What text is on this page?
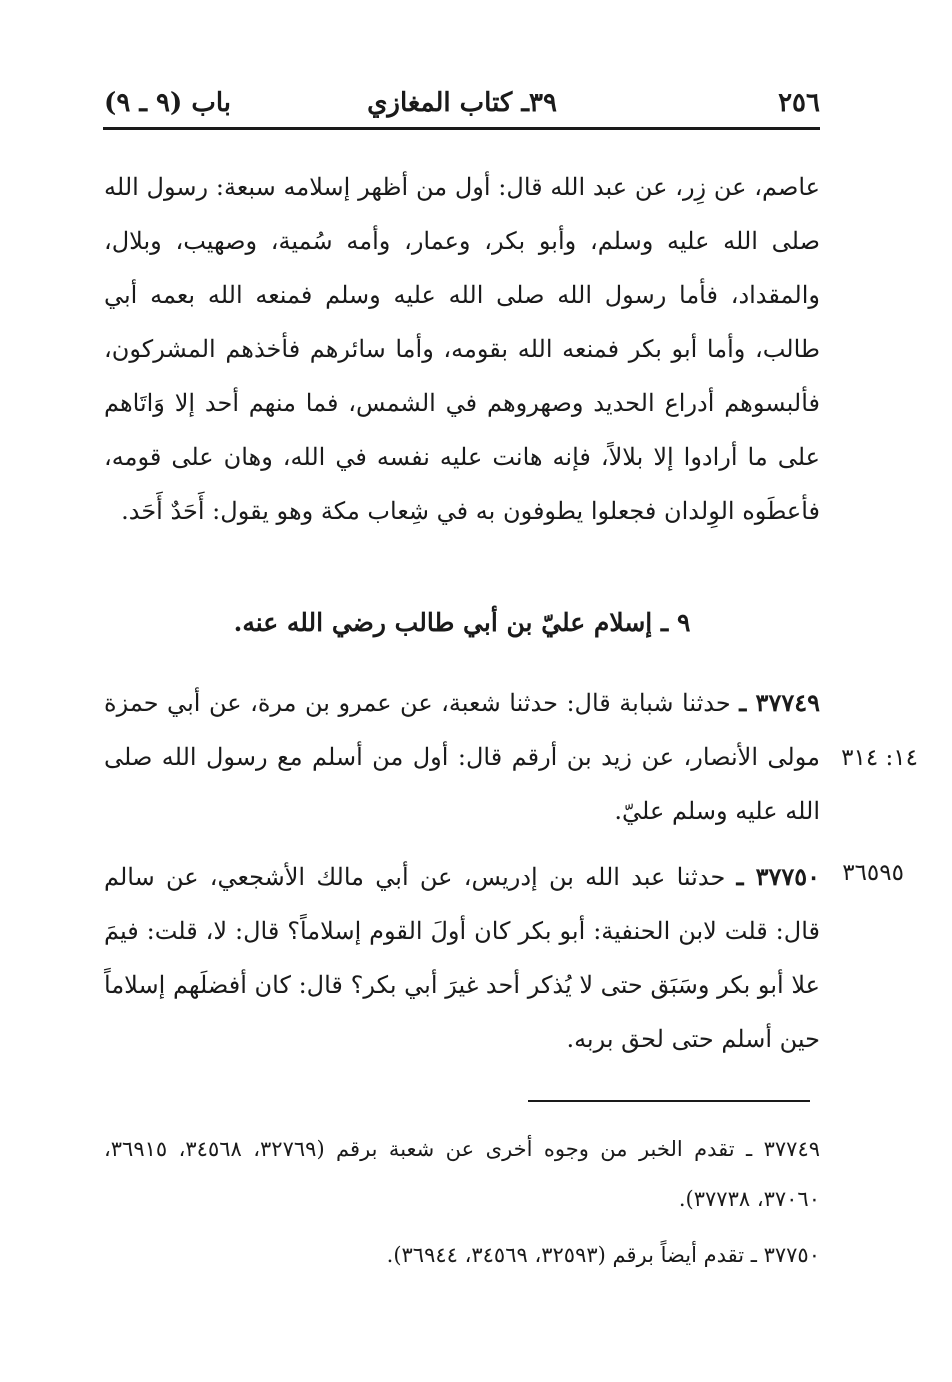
٢٥٦
٣٩ـ كتاب المغازي
باب (٩ ـ ٩)
عاصم، عن زِر، عن عبد الله قال: أول من أظهر إسلامه سبعة: رسول الله صلى الله عليه وسلم، وأبو بكر، وعمار، وأمه سُمية، وصهيب، وبلال، والمقداد، فأما رسول الله صلى الله عليه وسلم فمنعه الله بعمه أبي طالب، وأما أبو بكر فمنعه الله بقومه، وأما سائرهم فأخذهم المشركون، فألبسوهم أدراع الحديد وصهروهم في الشمس، فما منهم أحد إلا وَاتَاهم على ما أرادوا إلا بلالاً، فإنه هانت عليه نفسه في الله، وهان على قومه، فأعطَوه الوِلدان فجعلوا يطوفون به في شِعاب مكة وهو يقول: أَحَدٌ أَحَد.
٩ ـ إسلام عليّ بن أبي طالب رضي الله عنه.
٣٧٧٤٩ ـ حدثنا شبابة قال: حدثنا شعبة، عن عمرو بن مرة، عن أبي حمزة مولى الأنصار، عن زيد بن أرقم قال: أول من أسلم مع رسول الله صلى الله عليه وسلم عليّ.
١٤: ٣١٤
٣٧٧٥٠ ـ حدثنا عبد الله بن إدريس، عن أبي مالك الأشجعي، عن سالم قال: قلت لابن الحنفية: أبو بكر كان أولَ القوم إسلاماً؟ قال: لا، قلت: فيمَ علا أبو بكر وسَبَق حتى لا يُذكر أحد غيرَ أبي بكر؟ قال: كان أفضلَهم إسلاماً حين أسلم حتى لحق بربه.
٣٦٥٩٥

٣٧٧٤٩ ـ تقدم الخبر من وجوه أخرى عن شعبة برقم (٣٢٧٦٩، ٣٤٥٦٨، ٣٦٩١٥، ٣٧٠٦٠، ٣٧٧٣٨).

٣٧٧٥٠ ـ تقدم أيضاً برقم (٣٢٥٩٣، ٣٤٥٦٩، ٣٦٩٤٤).
